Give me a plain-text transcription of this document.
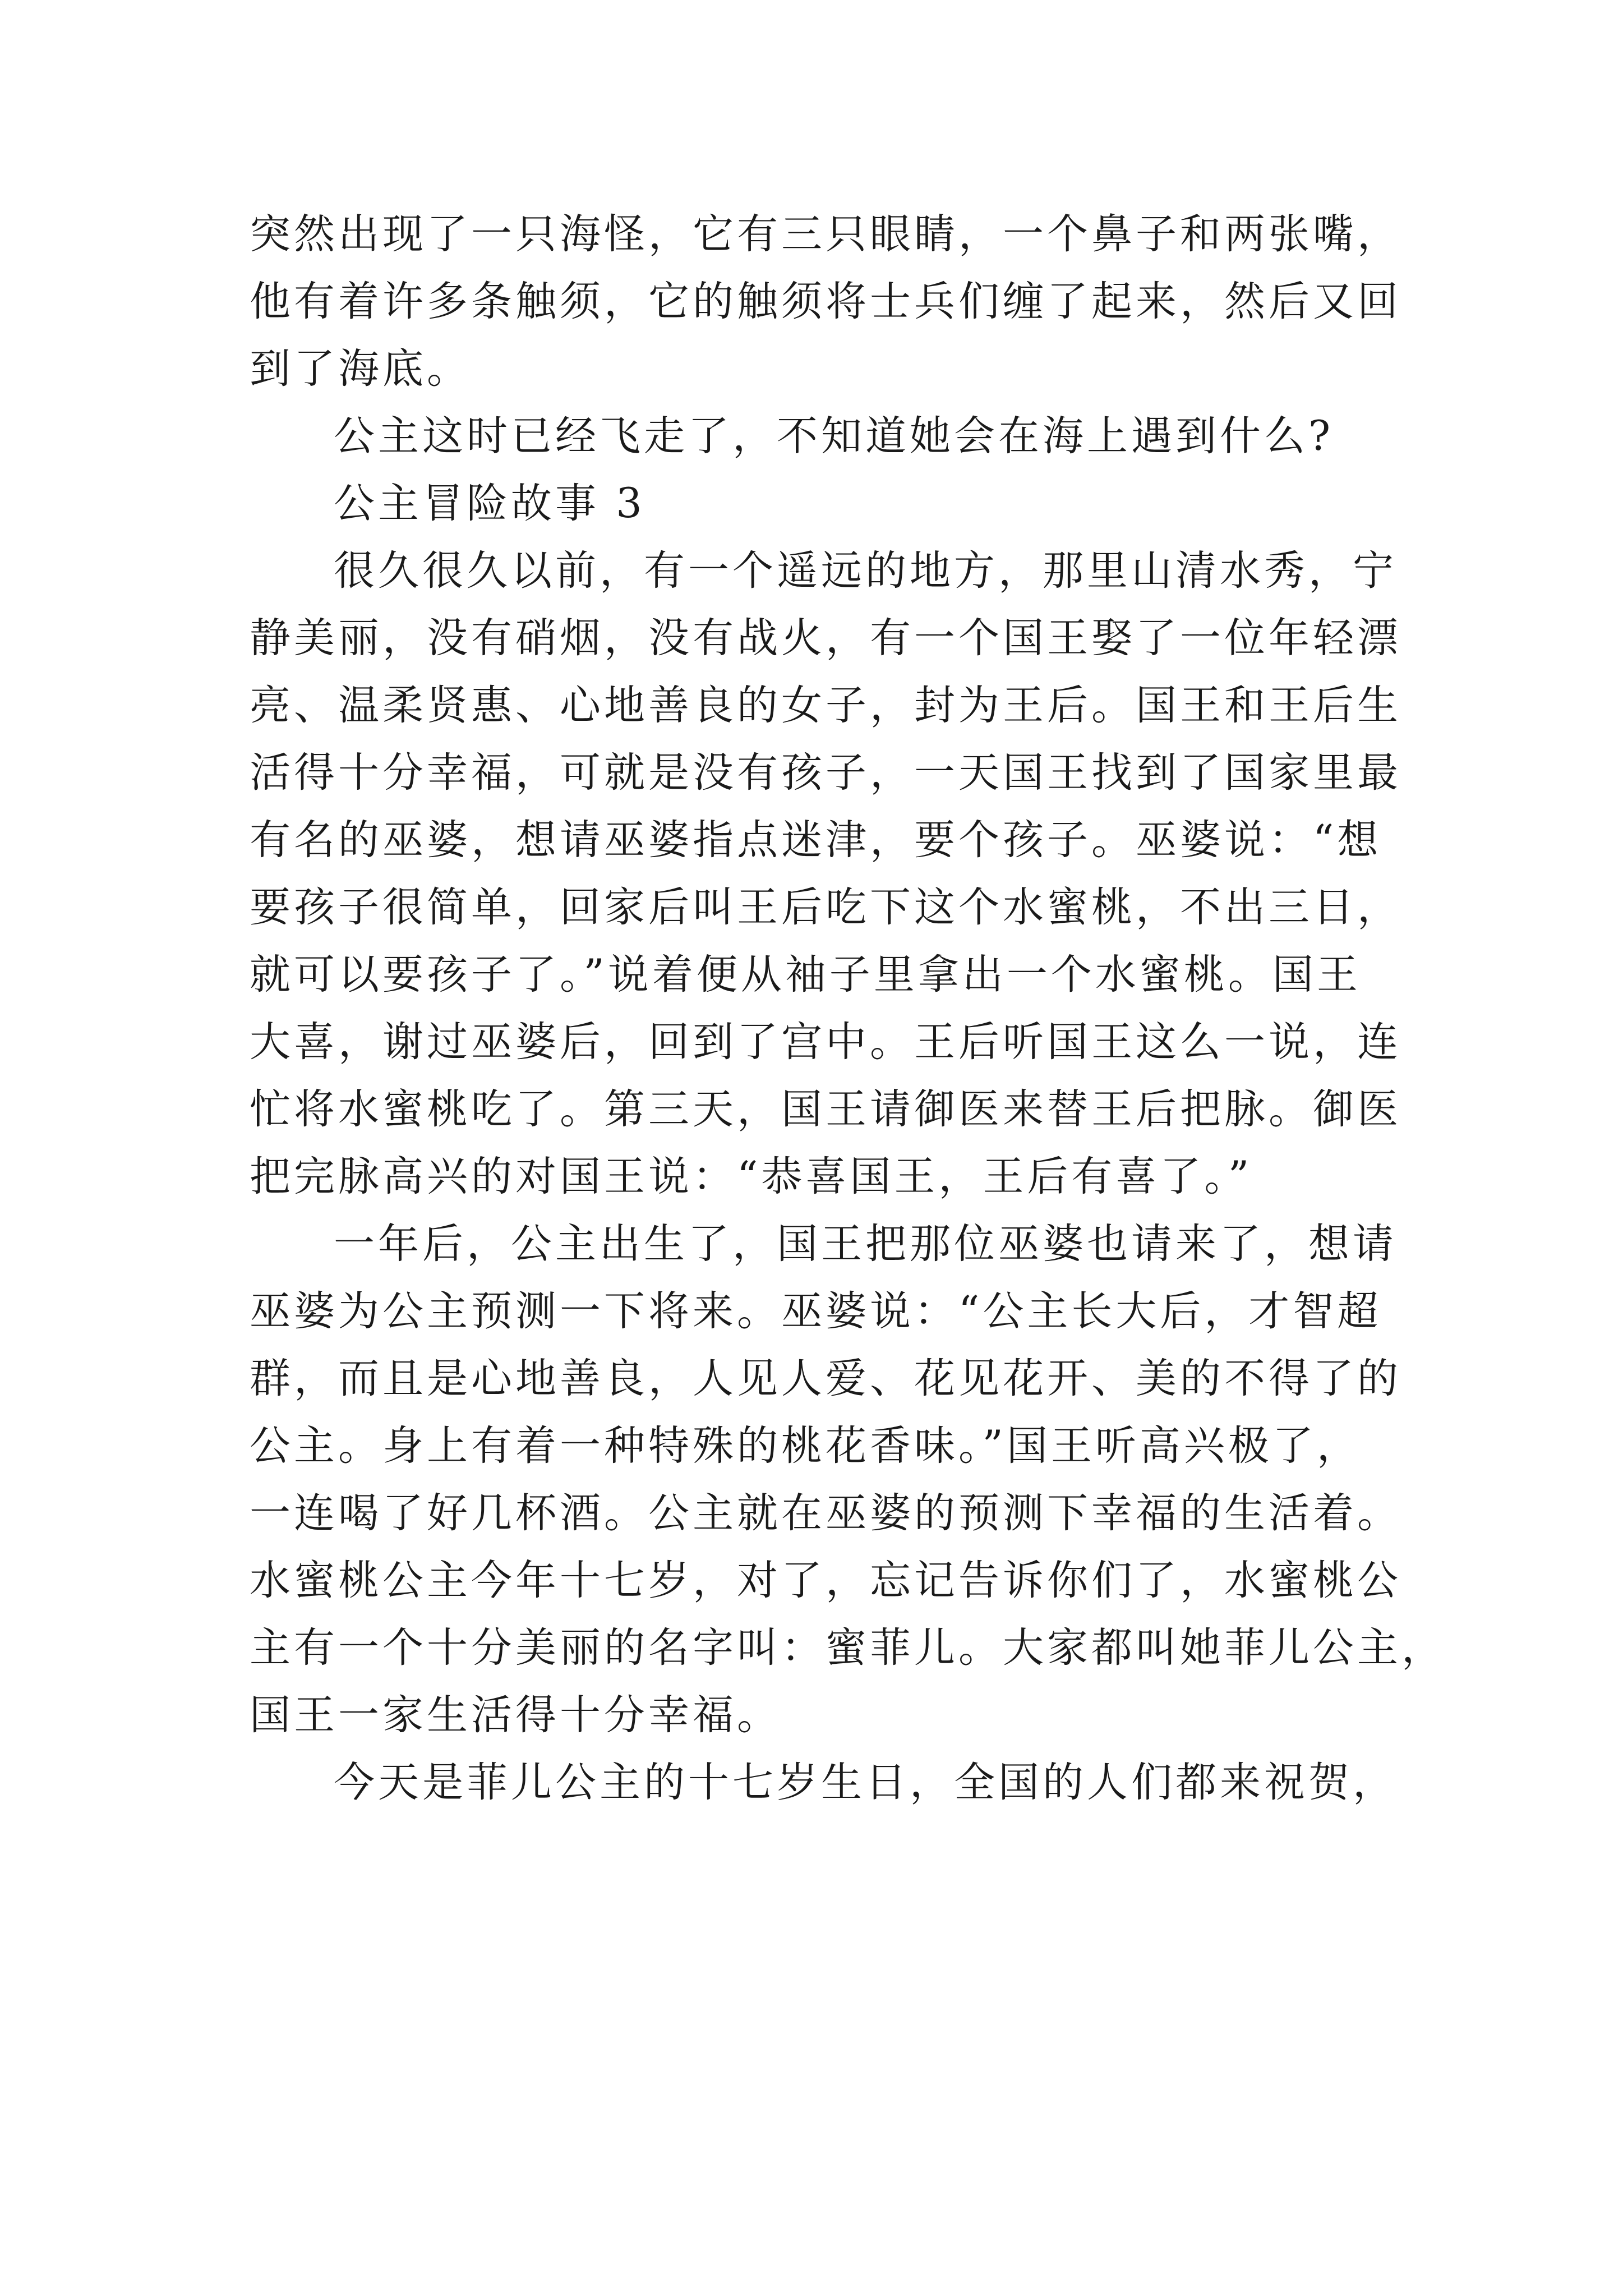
突然出现了一只海怪，它有三只眼睛，一个鼻子和两张嘴，
他有着许多条触须，它的触须将士兵们缠了起来，然后又回
到了海底。
公主这时已经飞走了，不知道她会在海上遇到什么?
公主冒险故事 3
很久很久以前，有一个遥远的地方，那里山清水秀，宁
静美丽，没有硝烟，没有战火，有一个国王娶了一位年轻漂
亮、温柔贤惠、心地善良的女子，封为王后。国王和王后生
活得十分幸福，可就是没有孩子，一天国王找到了国家里最
有名的巫婆，想请巫婆指点迷津，要个孩子。巫婆说：“想
要孩子很简单，回家后叫王后吃下这个水蜜桃，不出三日，
就可以要孩子了。”说着便从袖子里拿出一个水蜜桃。国王
大喜，谢过巫婆后，回到了宫中。王后听国王这么一说，连
忙将水蜜桃吃了。第三天，国王请御医来替王后把脉。御医
把完脉高兴的对国王说：“恭喜国王，王后有喜了。”
一年后，公主出生了，国王把那位巫婆也请来了，想请
巫婆为公主预测一下将来。巫婆说：“公主长大后，才智超
群，而且是心地善良，人见人爱、花见花开、美的不得了的
公主。身上有着一种特殊的桃花香味。”国王听高兴极了，
一连喝了好几杯酒。公主就在巫婆的预测下幸福的生活着。
水蜜桃公主今年十七岁，对了，忘记告诉你们了，水蜜桃公
主有一个十分美丽的名字叫：蜜菲儿。大家都叫她菲儿公主，
国王一家生活得十分幸福。
今天是菲儿公主的十七岁生日，全国的人们都来祝贺，
